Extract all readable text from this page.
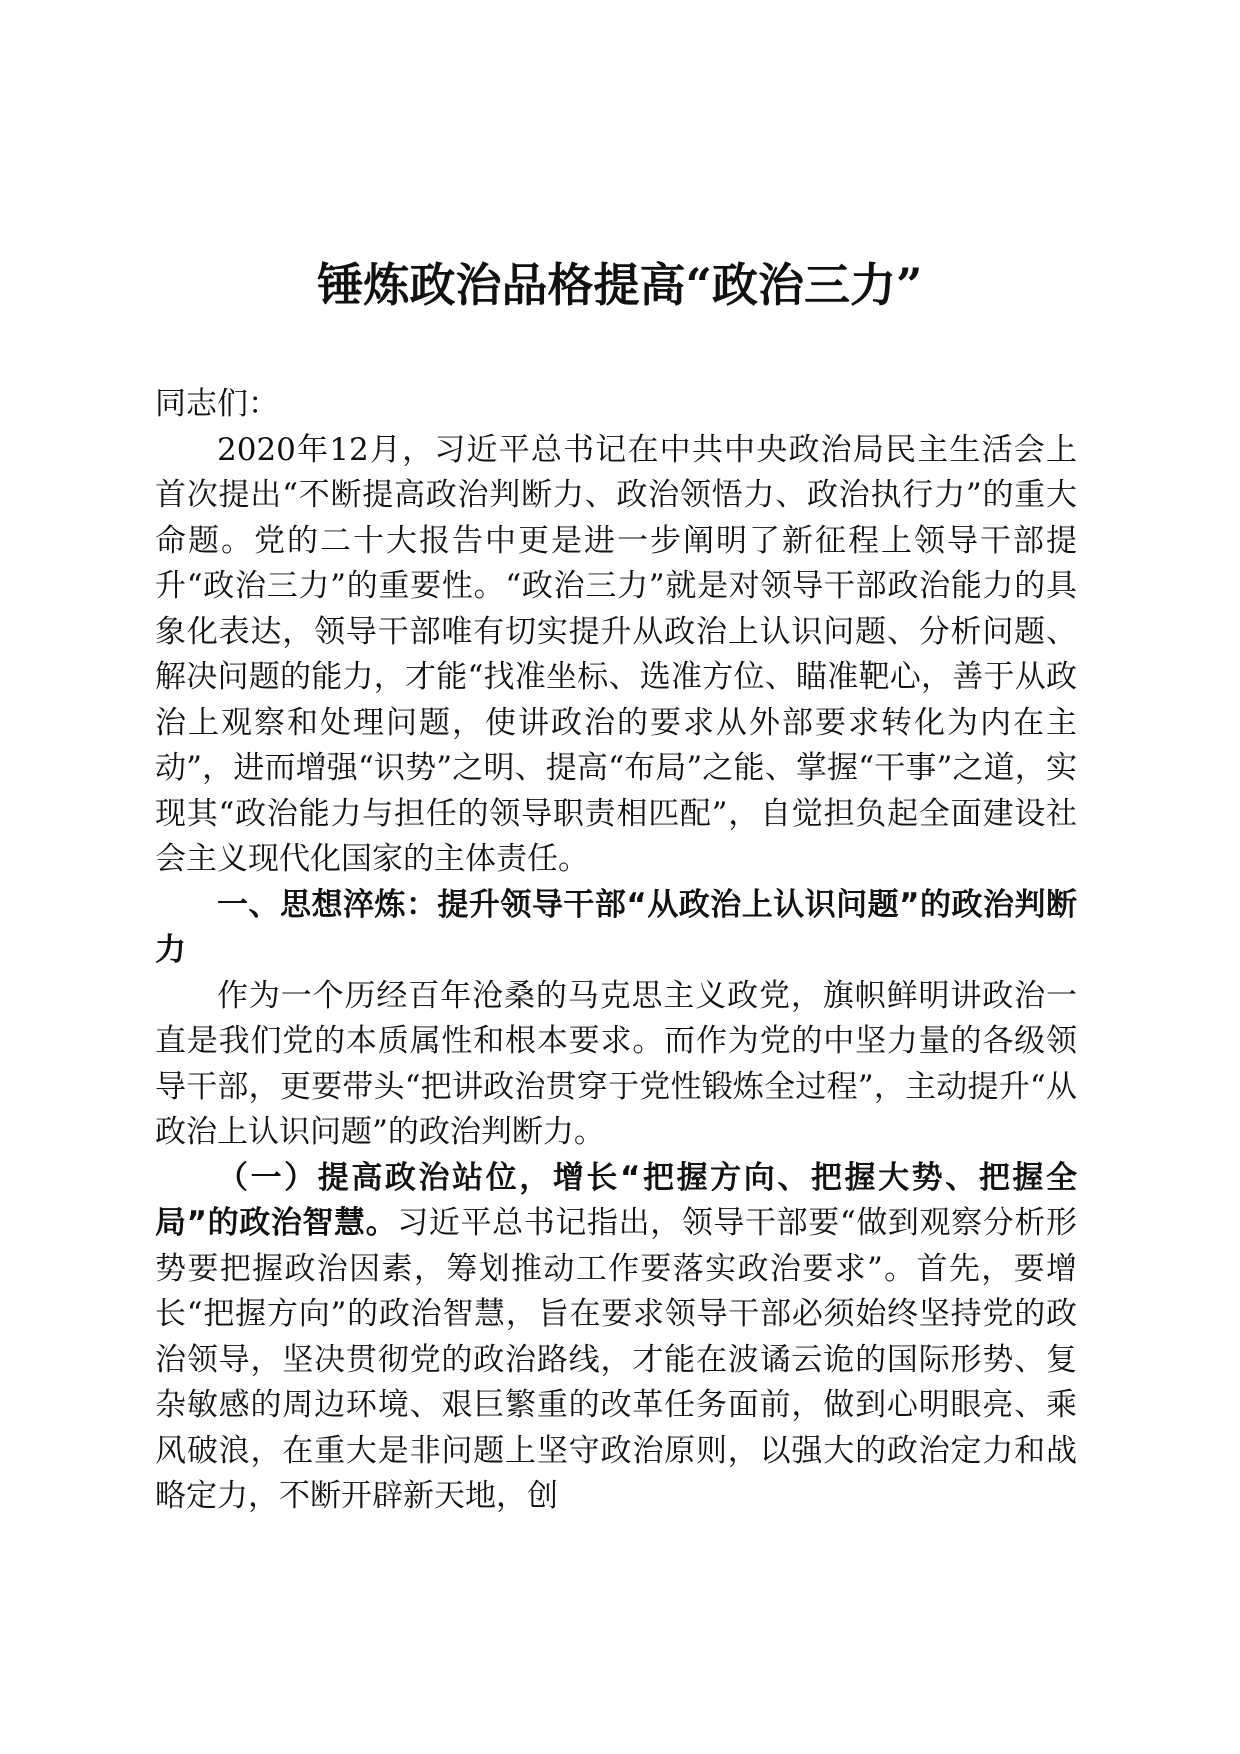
锤炼政治品格提高“政治三力”

同志们：

2020年12月，习近平总书记在中共中央政治局民主生活会上首次提出“不断提高政治判断力、政治领悟力、政治执行力”的重大命题。党的二十大报告中更是进一步阐明了新征程上领导干部提升“政治三力”的重要性。“政治三力”就是对领导干部政治能力的具象化表达，领导干部唯有切实提升从政治上认识问题、分析问题、解决问题的能力，才能“找准坐标、选准方位、瞄准靶心，善于从政治上观察和处理问题，使讲政治的要求从外部要求转化为内在主动”，进而增强“识势”之明、提高“布局”之能、掌握“干事”之道，实现其“政治能力与担任的领导职责相匹配”，自觉担负起全面建设社会主义现代化国家的主体责任。

一、思想淬炼：提升领导干部“从政治上认识问题”的政治判断力

作为一个历经百年沧桑的马克思主义政党，旗帜鲜明讲政治一直是我们党的本质属性和根本要求。而作为党的中坚力量的各级领导干部，更要带头“把讲政治贯穿于党性锻炼全过程”，主动提升“从政治上认识问题”的政治判断力。

（一）提高政治站位，增长“把握方向、把握大势、把握全局”的政治智慧。习近平总书记指出，领导干部要“做到观察分析形势要把握政治因素，筹划推动工作要落实政治要求”。首先，要增长“把握方向”的政治智慧，旨在要求领导干部必须始终坚持党的政治领导，坚决贯彻党的政治路线，才能在波谲云诡的国际形势、复杂敏感的周边环境、艰巨繁重的改革任务面前，做到心明眼亮、乘风破浪，在重大是非问题上坚守政治原则，以强大的政治定力和战略定力，不断开辟新天地，创
